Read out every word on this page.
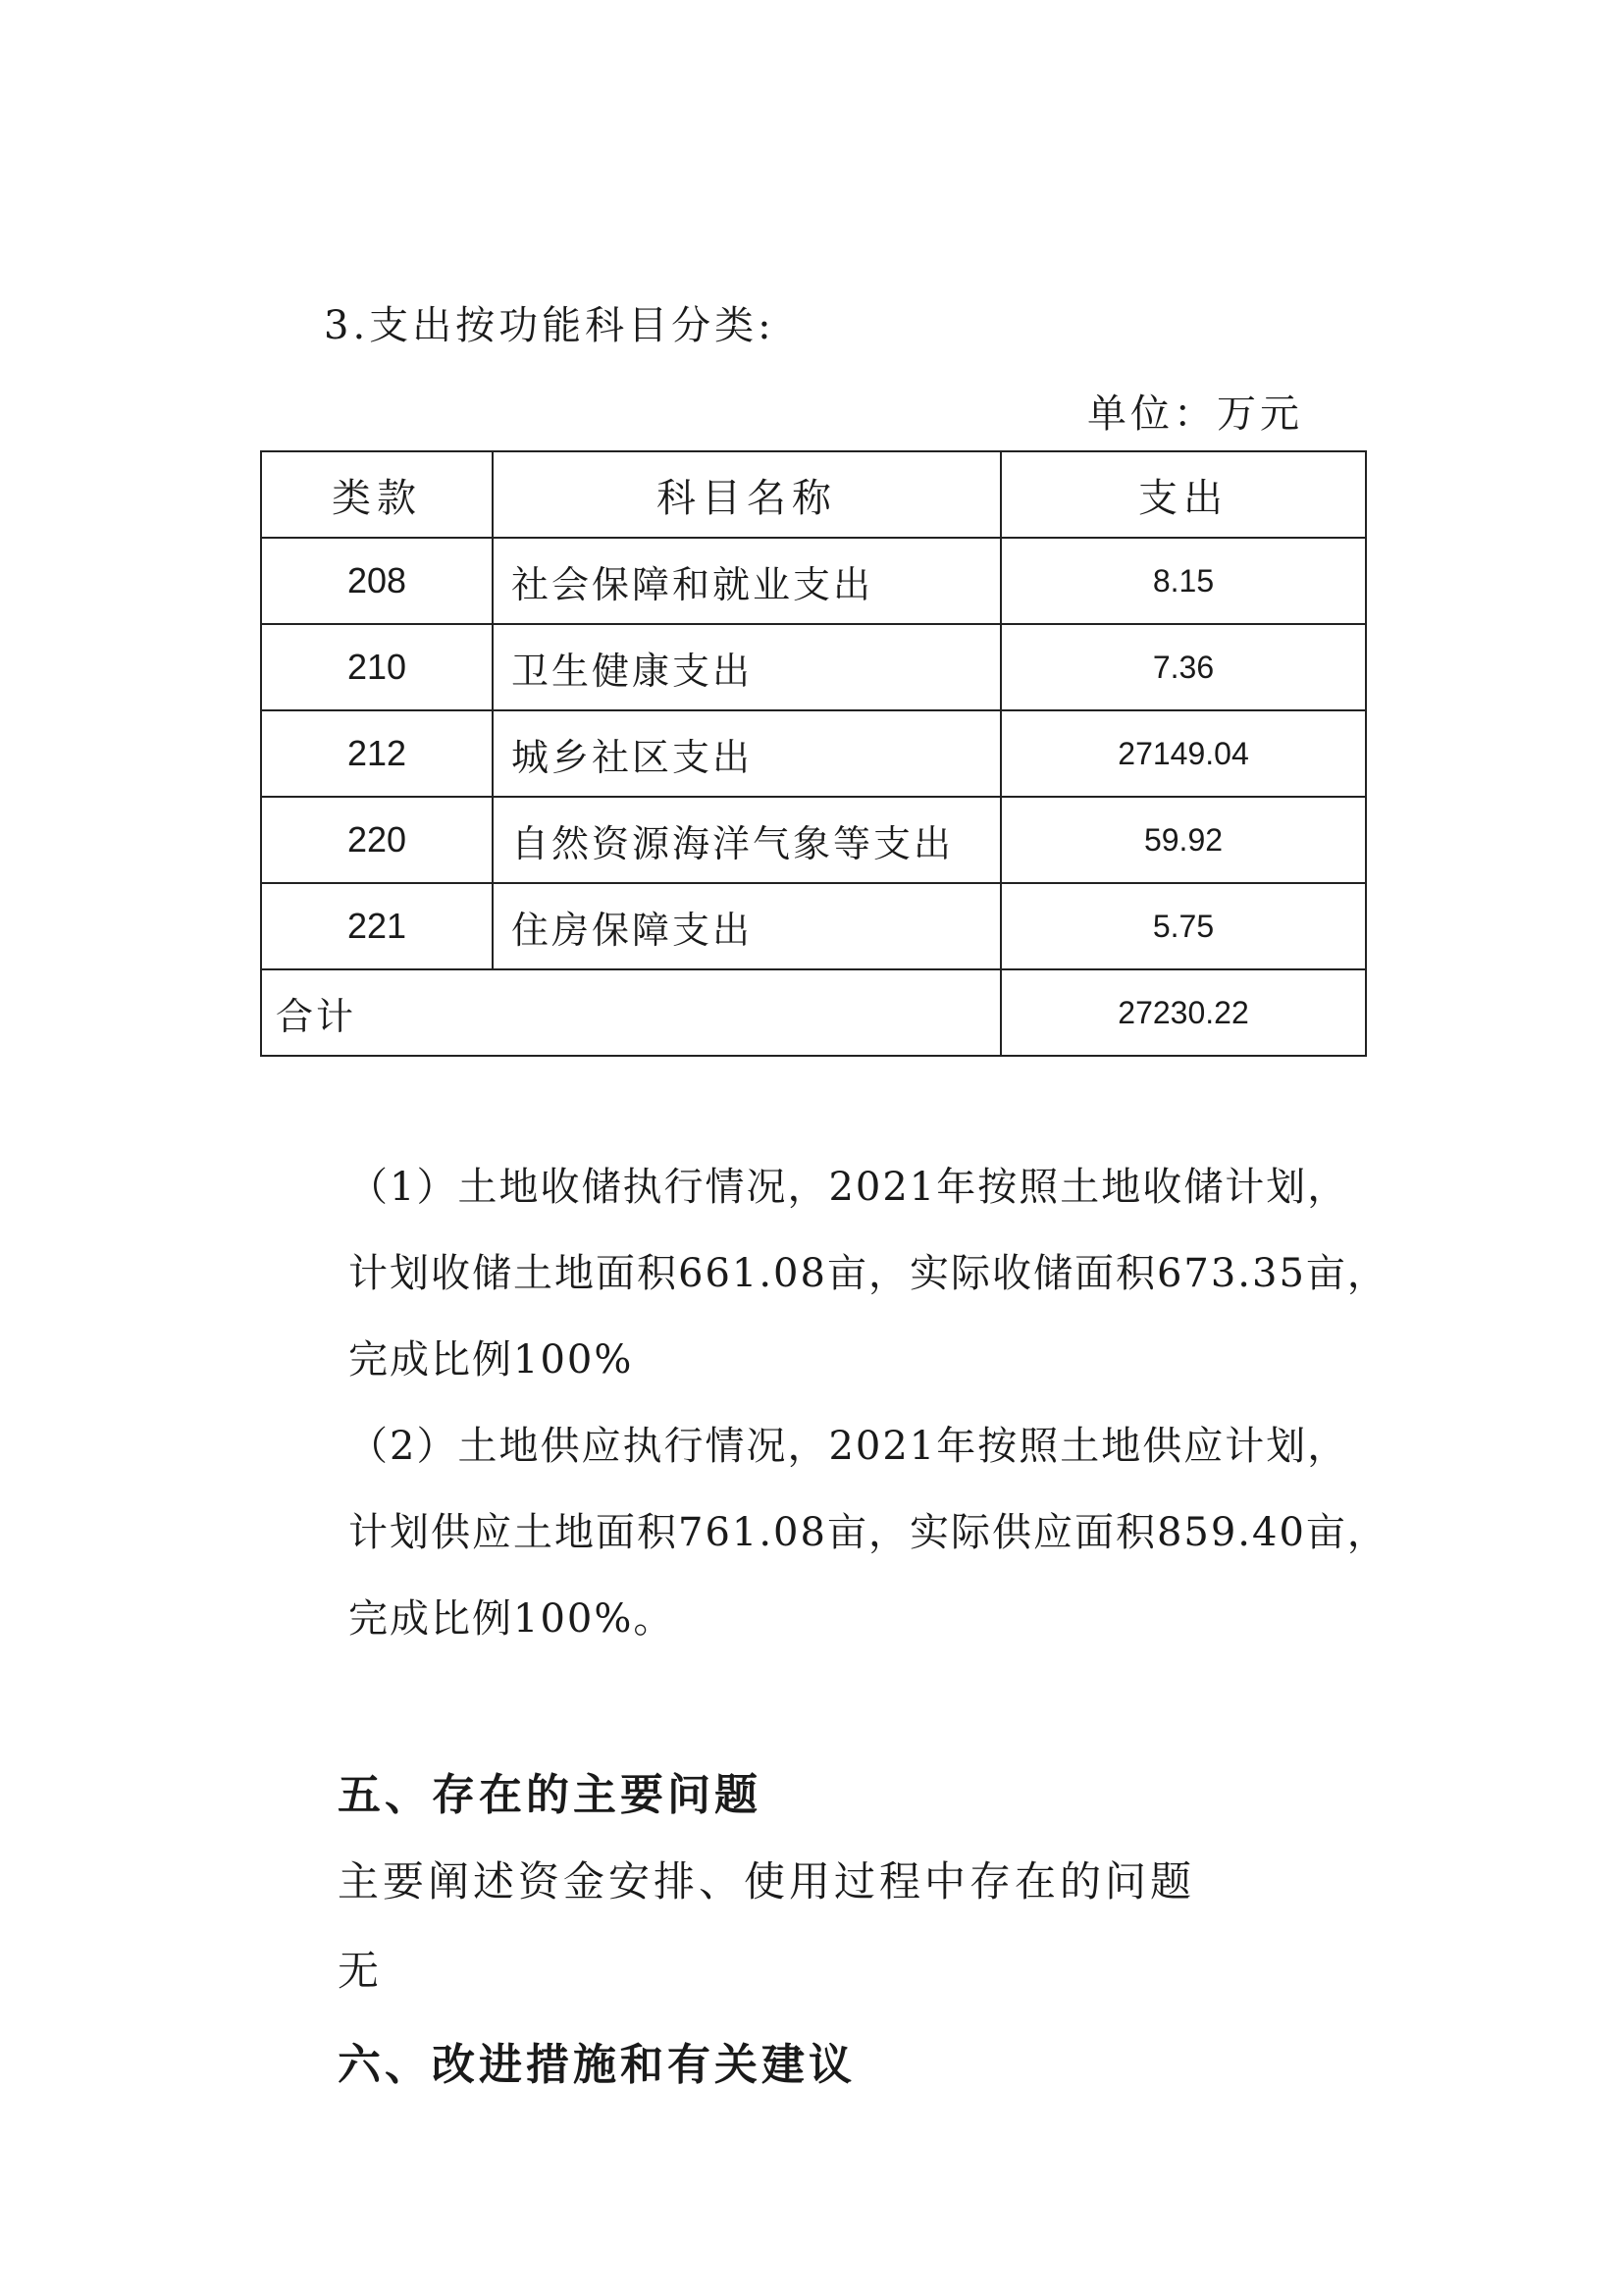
3.支出按功能科目分类:
单位：万元
类款	科目名称	支出
208	社会保障和就业支出	8.15
210	卫生健康支出	7.36
212	城乡社区支出	27149.04
220	自然资源海洋气象等支出	59.92
221	住房保障支出	5.75
合计		27230.22
（1）土地收储执行情况，2021年按照土地收储计划，计划收储土地面积661.08亩，实际收储面积673.35亩，完成比例100%
（2）土地供应执行情况，2021年按照土地供应计划，计划供应土地面积761.08亩，实际供应面积859.40亩，完成比例100%。
五、存在的主要问题
主要阐述资金安排、使用过程中存在的问题
无
六、改进措施和有关建议
